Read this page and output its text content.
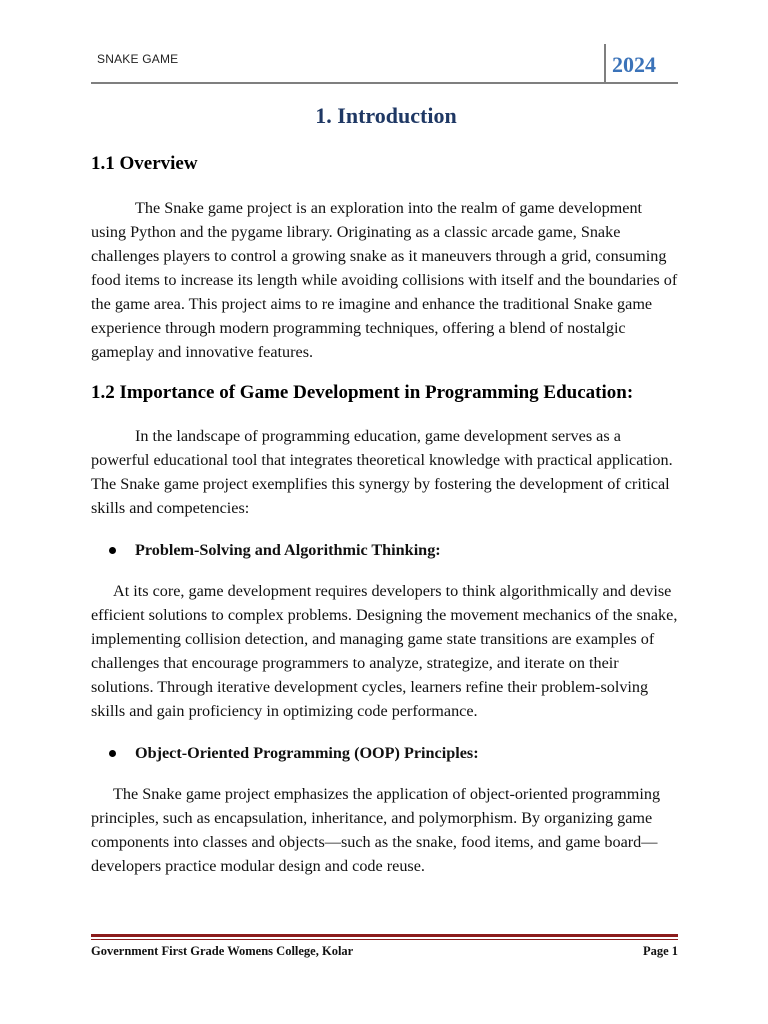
SNAKE GAME	2024
1. Introduction
1.1 Overview

The Snake game project is an exploration into the realm of game development using Python and the pygame library. Originating as a classic arcade game, Snake challenges players to control a growing snake as it maneuvers through a grid, consuming food items to increase its length while avoiding collisions with itself and the boundaries of the game area. This project aims to re imagine and enhance the traditional Snake game experience through modern programming techniques, offering a blend of nostalgic gameplay and innovative features.

1.2 Importance of Game Development in Programming Education:

In the landscape of programming education, game development serves as a powerful educational tool that integrates theoretical knowledge with practical application. The Snake game project exemplifies this synergy by fostering the development of critical skills and competencies:

Problem-Solving and Algorithmic Thinking:

At its core, game development requires developers to think algorithmically and devise efficient solutions to complex problems. Designing the movement mechanics of the snake, implementing collision detection, and managing game state transitions are examples of challenges that encourage programmers to analyze, strategize, and iterate on their solutions. Through iterative development cycles, learners refine their problem-solving skills and gain proficiency in optimizing code performance.

Object-Oriented Programming (OOP) Principles:

The Snake game project emphasizes the application of object-oriented programming principles, such as encapsulation, inheritance, and polymorphism. By organizing game components into classes and objects—such as the snake, food items, and game board—developers practice modular design and code reuse.

Government First Grade Womens College, Kolar	Page 1
